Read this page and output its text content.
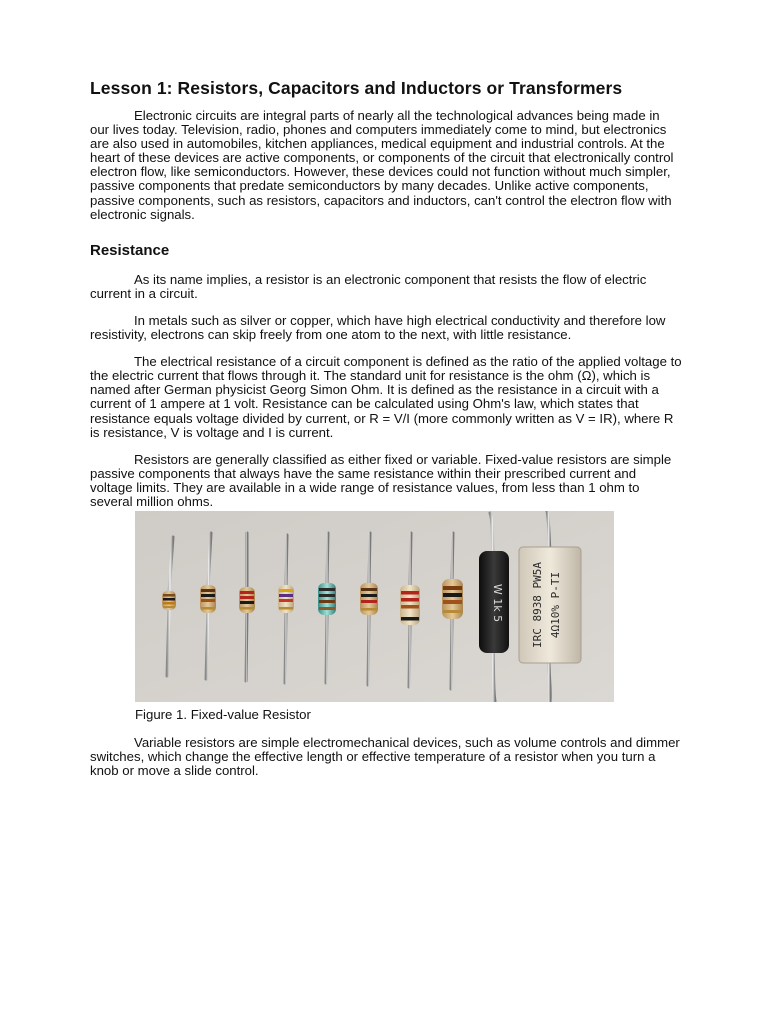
Lesson 1: Resistors, Capacitors and Inductors or Transformers

Electronic circuits are integral parts of nearly all the technological advances being made in our lives today. Television, radio, phones and computers immediately come to mind, but electronics are also used in automobiles, kitchen appliances, medical equipment and industrial controls. At the heart of these devices are active components, or components of the circuit that electronically control electron flow, like semiconductors. However, these devices could not function without much simpler, passive components that predate semiconductors by many decades. Unlike active components, passive components, such as resistors, capacitors and inductors, can't control the electron flow with electronic signals.

Resistance

As its name implies, a resistor is an electronic component that resists the flow of electric current in a circuit.

In metals such as silver or copper, which have high electrical conductivity and therefore low resistivity, electrons can skip freely from one atom to the next, with little resistance.

The electrical resistance of a circuit component is defined as the ratio of the applied voltage to the electric current that flows through it. The standard unit for resistance is the ohm (Ω), which is named after German physicist Georg Simon Ohm. It is defined as the resistance in a circuit with a current of 1 ampere at 1 volt. Resistance can be calculated using Ohm's law, which states that resistance equals voltage divided by current, or R = V/I (more commonly written as V = IR), where R is resistance, V is voltage and I is current.

Resistors are generally classified as either fixed or variable. Fixed-value resistors are simple passive components that always have the same resistance within their prescribed current and voltage limits. They are available in a wide range of resistance values, from less than 1 ohm to several million ohms.

W 1k 5 IRC 8938 PW5A 4Ω10% P-TI
Figure 1. Fixed-value Resistor

Variable resistors are simple electromechanical devices, such as volume controls and dimmer switches, which change the effective length or effective temperature of a resistor when you turn a knob or move a slide control.
